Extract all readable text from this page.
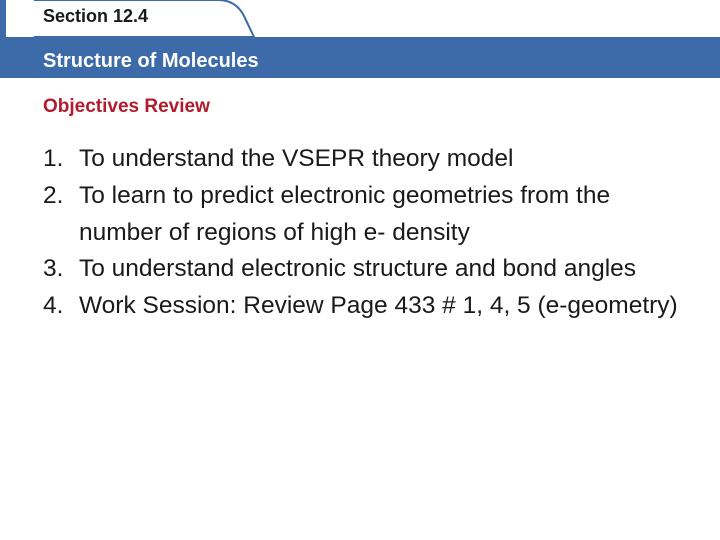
Section 12.4
Structure of Molecules
Objectives Review
1. To understand the VSEPR theory model
2. To learn to predict electronic geometries from the number of regions of high e- density
3. To understand electronic structure and bond angles
4. Work Session: Review Page 433 # 1, 4, 5 (e-geometry)
